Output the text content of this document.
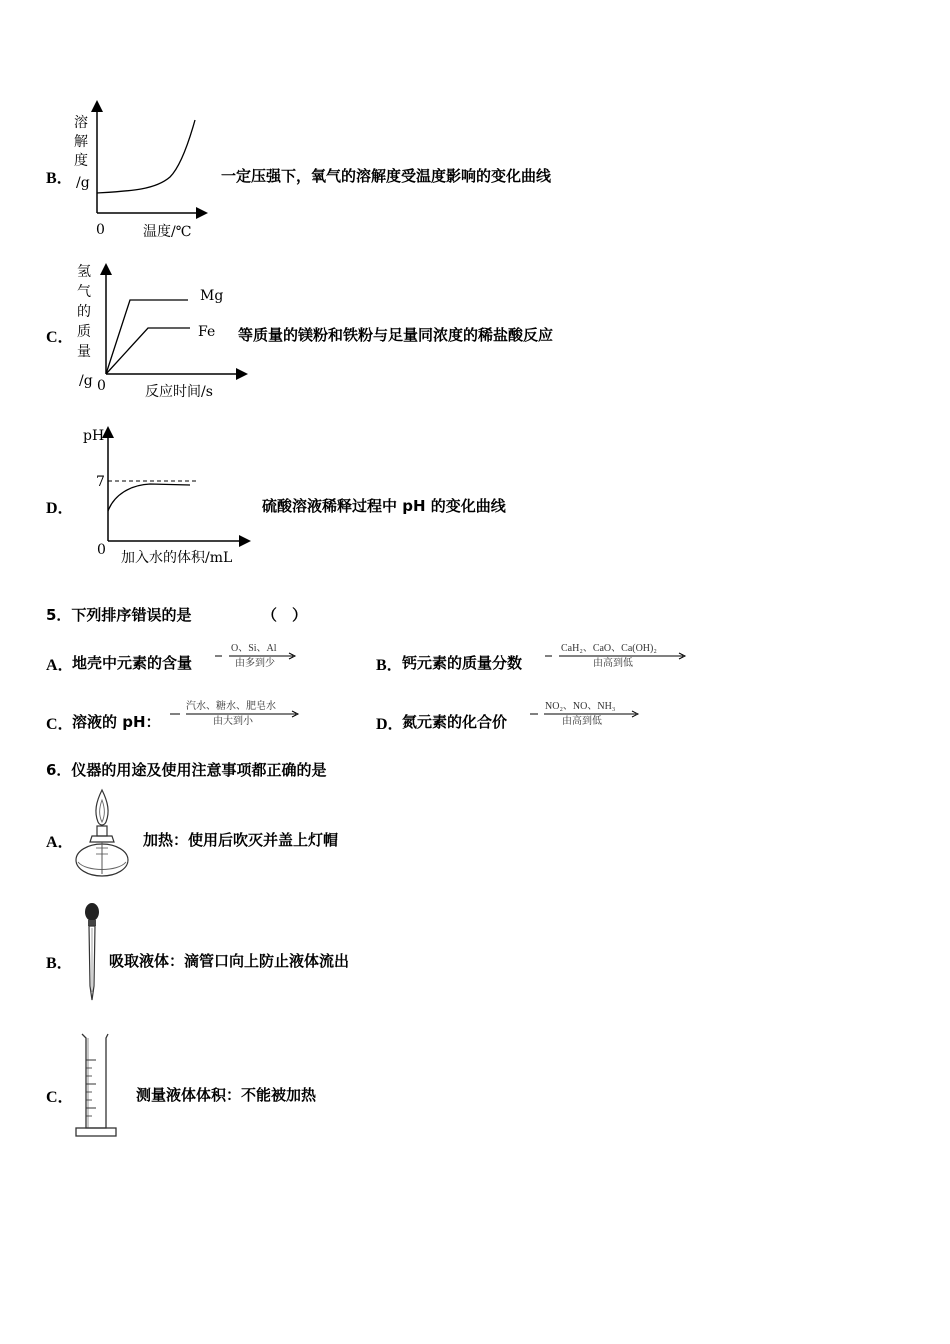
B．
溶
解
度
/g
0	温度/℃
一定压强下，氧气的溶解度受温度影响的变化曲线
C．
Mg
Fe
氢
气
的
质
量
/g 0	反应时间/s
等质量的镁粉和铁粉与足量同浓度的稀盐酸反应
D．
pH
7
0 加入水的体积/mL
硫酸溶液稀释过程中 pH 的变化曲线
5．下列排序错误的是	（　）
A．
地壳中元素的含量
O、Si、Al
由多到少	B． 钙元素的质量分数
CaH₂、CaO、Ca(OH)₂
由高到低
C．
溶液的 pH：
汽水、糖水、肥皂水
由大到小	D．
氮元素的化合价
NO₂、NO、NH₃
由高到低
6．仪器的用途及使用注意事项都正确的是
A．	加热：使用后吹灭并盖上灯帽
B． 吸取液体：滴管口向上防止液体流出
C．	测量液体体积：不能被加热
